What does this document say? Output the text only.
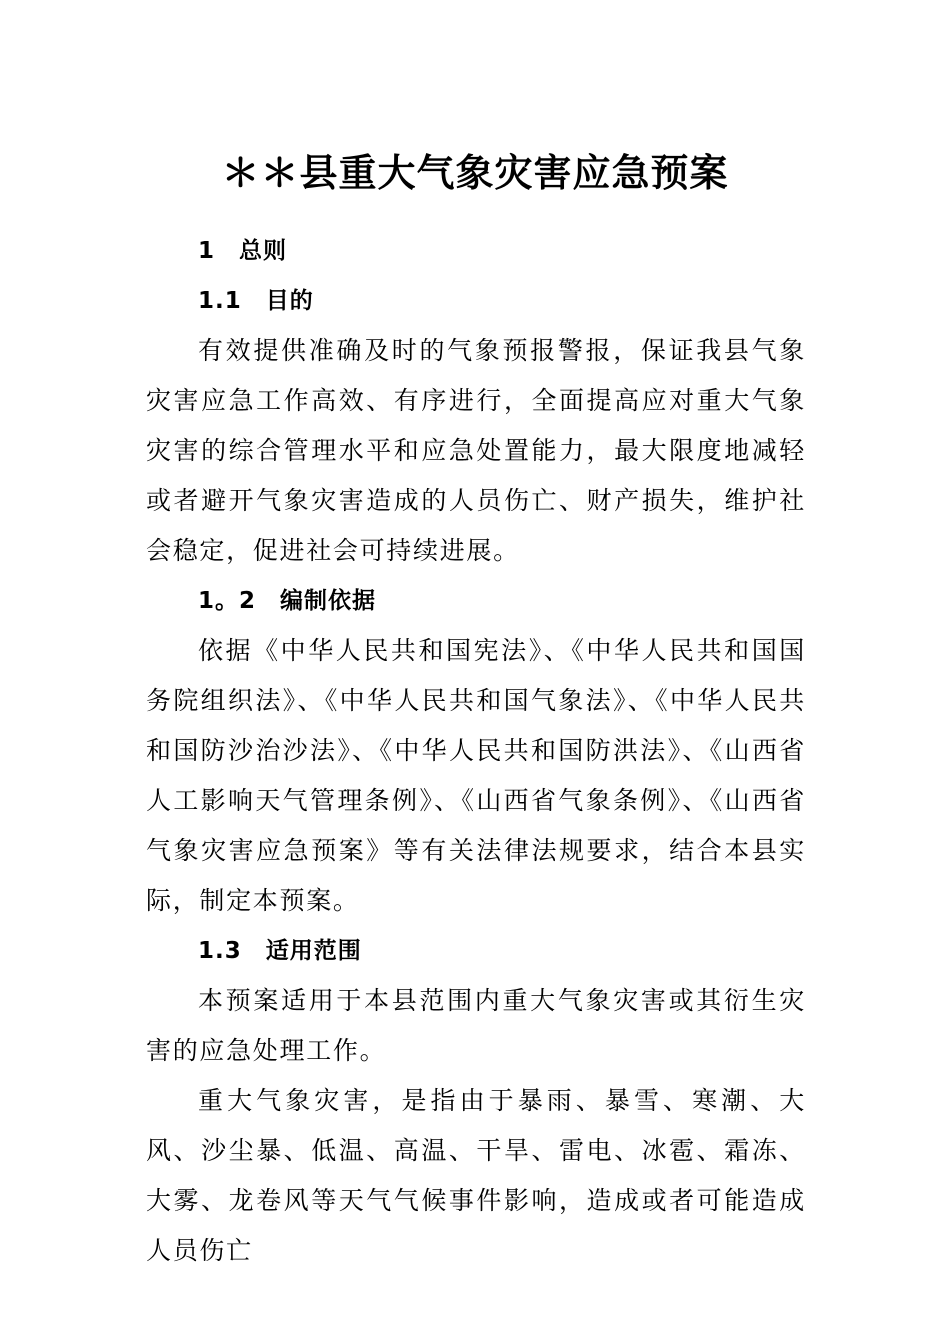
＊＊县重大气象灾害应急预案

1　总则

1.1　目的

有效提供准确及时的气象预报警报，保证我县气象灾害应急工作高效、有序进行，全面提高应对重大气象灾害的综合管理水平和应急处置能力，最大限度地减轻或者避开气象灾害造成的人员伤亡、财产损失，维护社会稳定，促进社会可持续进展。

1。2　编制依据

依据《中华人民共和国宪法》、《中华人民共和国国务院组织法》、《中华人民共和国气象法》、《中华人民共和国防沙治沙法》、《中华人民共和国防洪法》、《山西省人工影响天气管理条例》、《山西省气象条例》、《山西省气象灾害应急预案》等有关法律法规要求，结合本县实际，制定本预案。

1.3　适用范围

本预案适用于本县范围内重大气象灾害或其衍生灾害的应急处理工作。

重大气象灾害，是指由于暴雨、暴雪、寒潮、大风、沙尘暴、低温、高温、干旱、雷电、冰雹、霜冻、大雾、龙卷风等天气气候事件影响，造成或者可能造成人员伤亡
